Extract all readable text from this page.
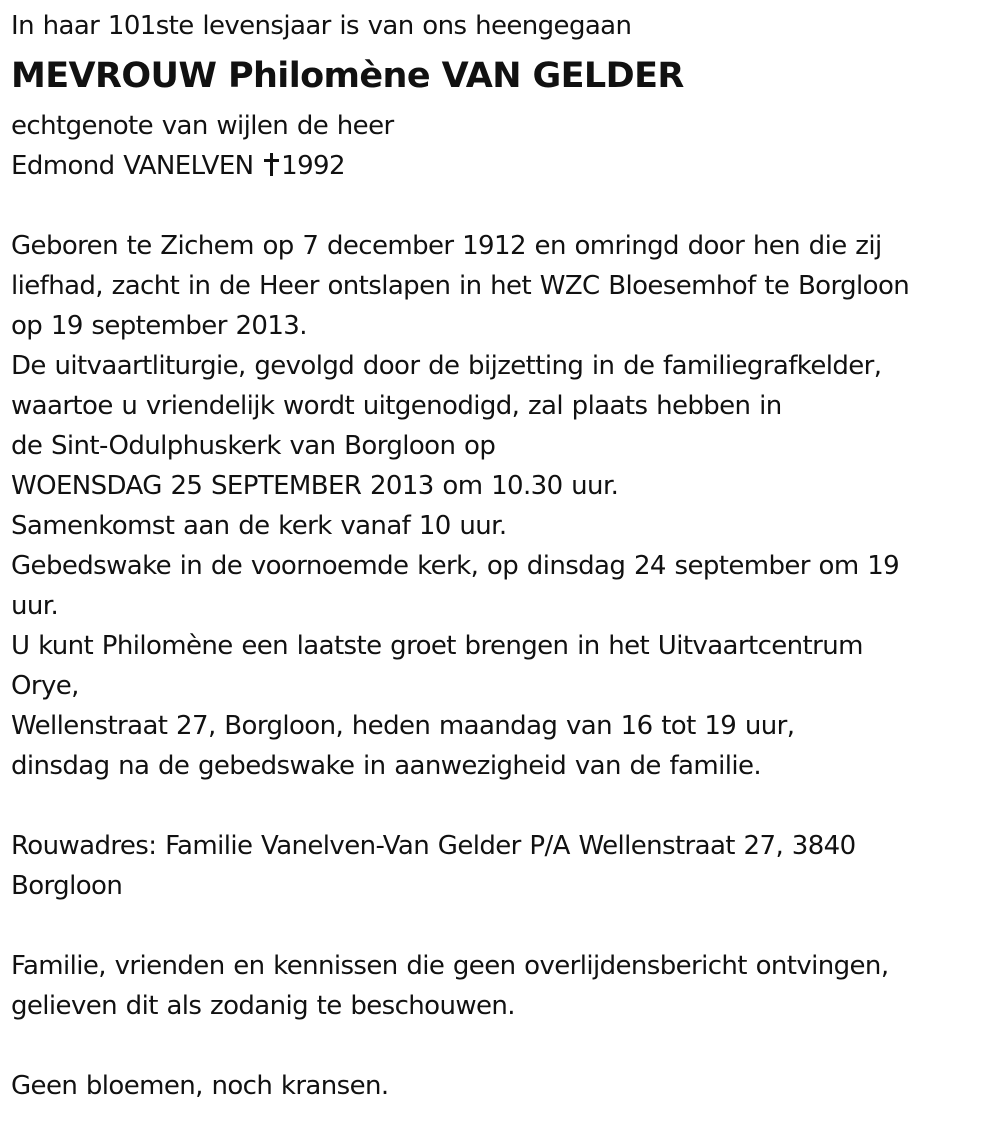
In haar 101ste levensjaar is van ons heengegaan
MEVROUW Philomène VAN GELDER
echtgenote van wijlen de heer
Edmond VANELVEN 1992
Geboren te Zichem op 7 december 1912 en omringd door hen die zij
liefhad, zacht in de Heer ontslapen in het WZC Bloesemhof te Borgloon
op 19 september 2013.
De uitvaartliturgie, gevolgd door de bijzetting in de familiegrafkelder,
waartoe u vriendelijk wordt uitgenodigd, zal plaats hebben in
de Sint-Odulphuskerk van Borgloon op
WOENSDAG 25 SEPTEMBER 2013 om 10.30 uur.
Samenkomst aan de kerk vanaf 10 uur.
Gebedswake in de voornoemde kerk, op dinsdag 24 september om 19
uur.
U kunt Philomène een laatste groet brengen in het Uitvaartcentrum
Orye,
Wellenstraat 27, Borgloon, heden maandag van 16 tot 19 uur,
dinsdag na de gebedswake in aanwezigheid van de familie.
Rouwadres: Familie Vanelven-Van Gelder P/A Wellenstraat 27, 3840
Borgloon
Familie, vrienden en kennissen die geen overlijdensbericht ontvingen,
gelieven dit als zodanig te beschouwen.
Geen bloemen, noch kransen.
